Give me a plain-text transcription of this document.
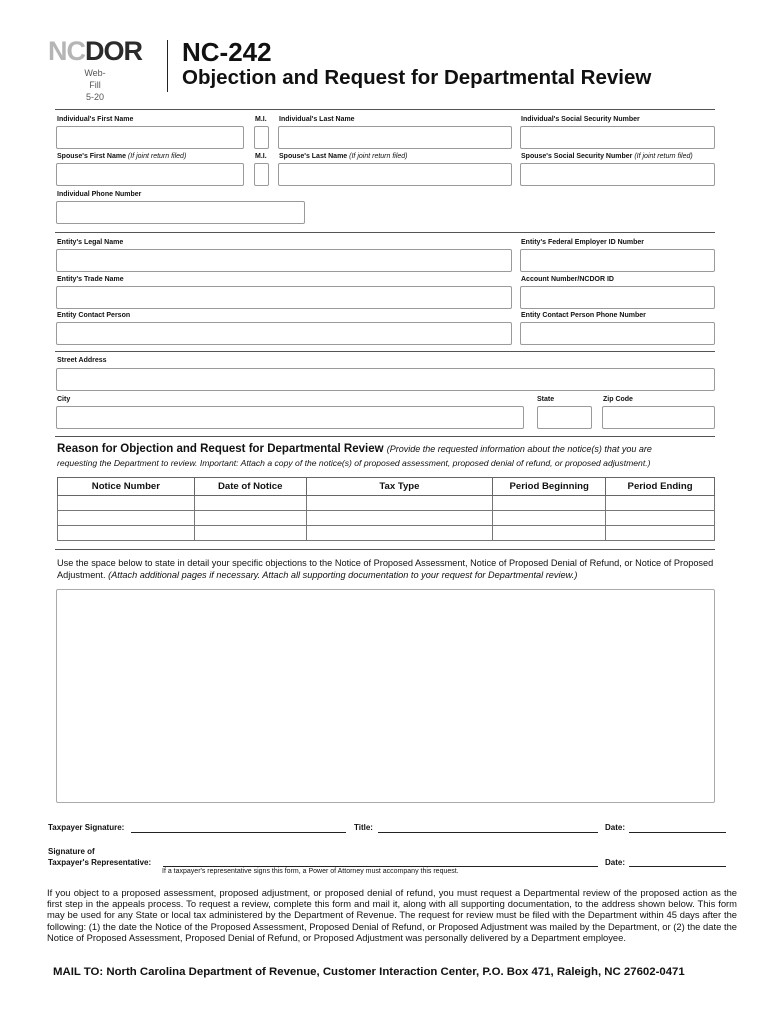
NCDOR
Web-Fill
5-20
NC-242
Objection and Request for Departmental Review
Individual's First Name	M.I. Individual's Last Name	Individual's Social Security Number
Spouse's First Name (If joint return filed)	M.I. Spouse's Last Name (If joint return filed)	Spouse's Social Security Number (If joint return filed)
Individual Phone Number
Entity's Legal Name	Entity's Federal Employer ID Number
Entity's Trade Name	Account Number/NCDOR ID
Entity Contact Person	Entity Contact Person Phone Number
Street Address
City	State	Zip Code
Reason for Objection and Request for Departmental Review (Provide the requested information about the notice(s) that you are
requesting the Department to review. Important: Attach a copy of the notice(s) of proposed assessment, proposed denial of refund, or proposed adjustment.)
Notice Number	Date of Notice	Tax Type	Period Beginning	Period Ending

Use the space below to state in detail your specific objections to the Notice of Proposed Assessment, Notice of Proposed Denial of Refund, or Notice of Proposed Adjustment. (Attach additional pages if necessary. Attach all supporting documentation to your request for Departmental review.)
Taxpayer Signature:	Title:	Date:
Signature of
Taxpayer's Representative:	Date:
If a taxpayer's representative signs this form, a Power of Attorney must accompany this request.
If you object to a proposed assessment, proposed adjustment, or proposed denial of refund, you must request a Departmental review of the proposed action as the first step in the appeals process. To request a review, complete this form and mail it, along with all supporting documentation, to the address shown below. This form may be used for any State or local tax administered by the Department of Revenue. The request for review must be filed with the Department within 45 days after the following: (1) the date the Notice of the Proposed Assessment, Proposed Denial of Refund, or Proposed Adjustment was mailed by the Department, or (2) the date the Notice of Proposed Assessment, Proposed Denial of Refund, or Proposed Adjustment was personally delivered by a Department employee.
MAIL TO: North Carolina Department of Revenue, Customer Interaction Center, P.O. Box 471, Raleigh, NC 27602-0471
